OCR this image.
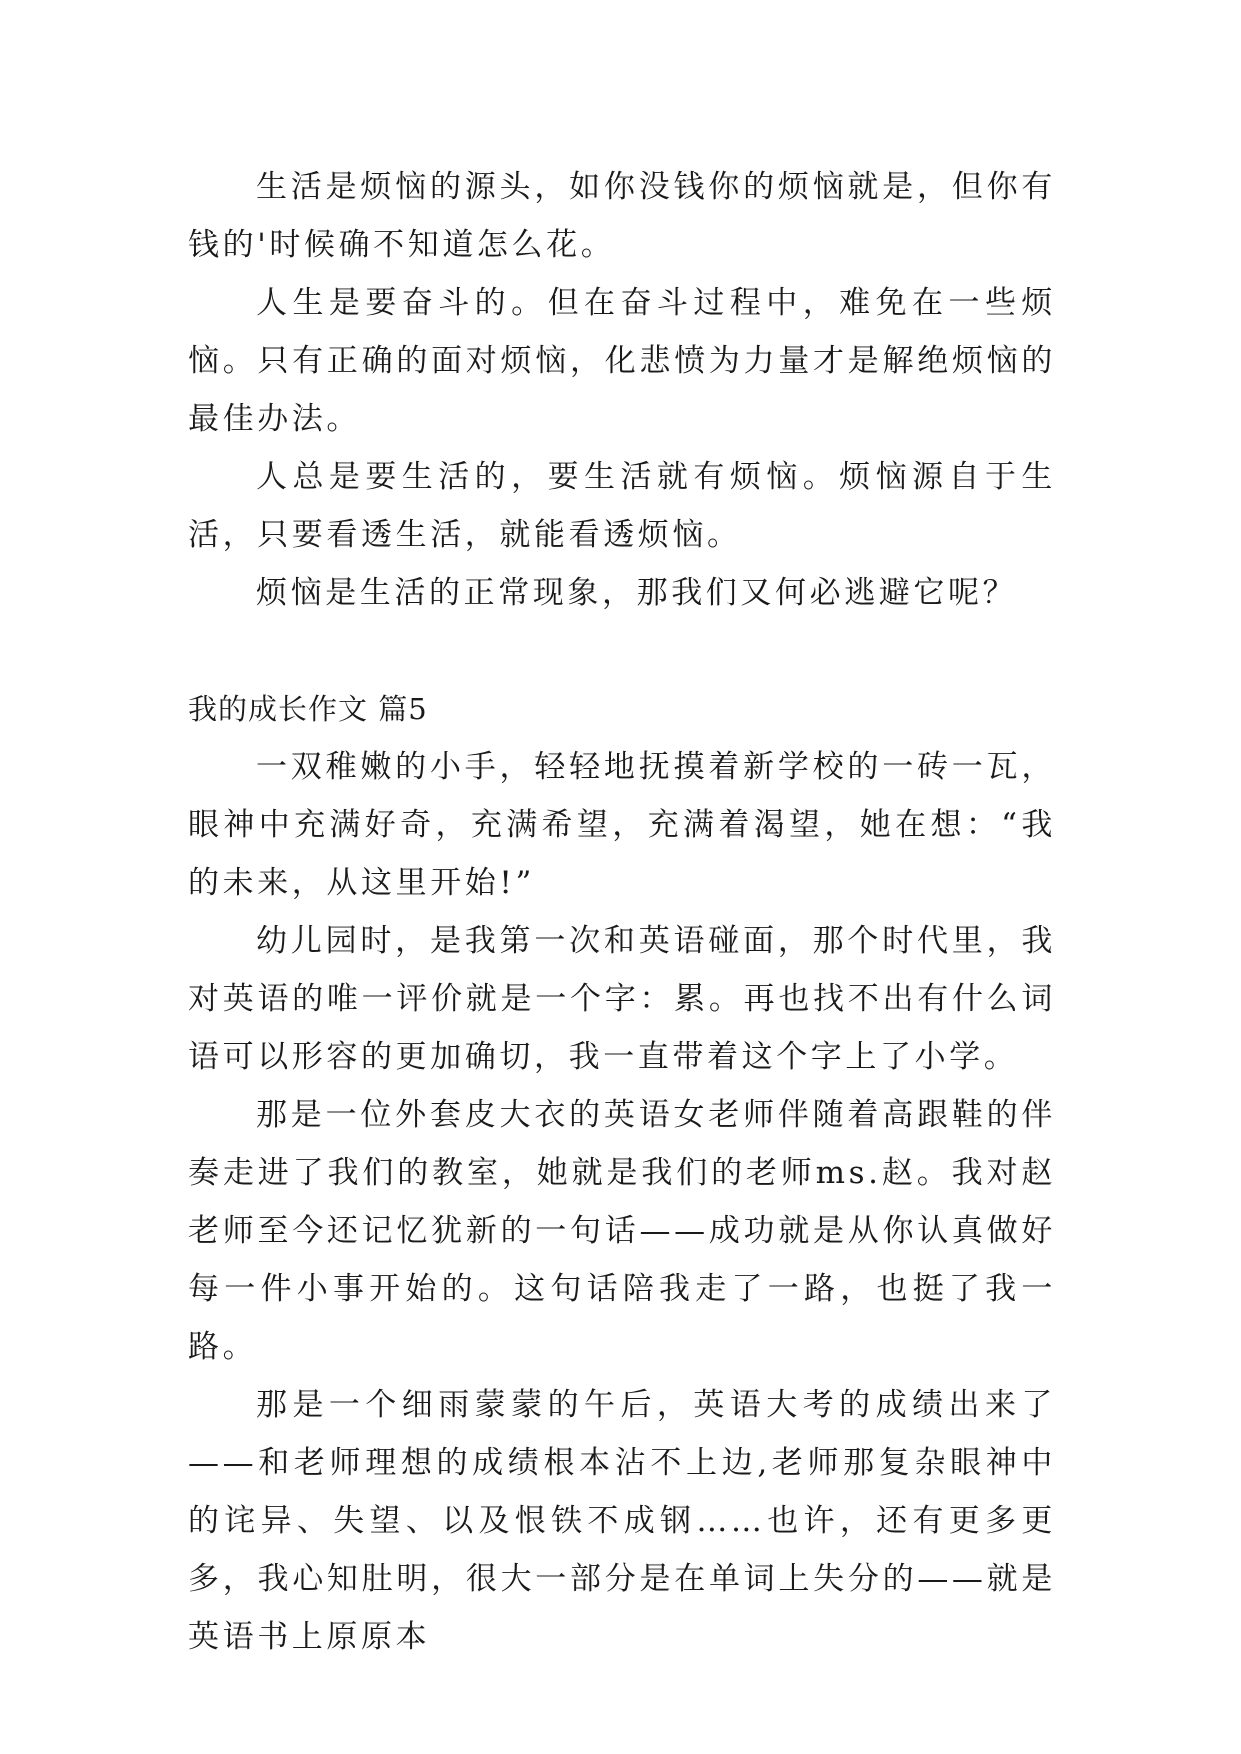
生活是烦恼的源头，如你没钱你的烦恼就是，但你有钱的'时候确不知道怎么花。

人生是要奋斗的。但在奋斗过程中，难免在一些烦恼。只有正确的面对烦恼，化悲愤为力量才是解绝烦恼的最佳办法。

人总是要生活的，要生活就有烦恼。烦恼源自于生活，只要看透生活，就能看透烦恼。

烦恼是生活的正常现象，那我们又何必逃避它呢？

我的成长作文 篇5

一双稚嫩的小手，轻轻地抚摸着新学校的一砖一瓦，眼神中充满好奇，充满希望，充满着渴望，她在想：“我的未来，从这里开始!”

幼儿园时，是我第一次和英语碰面，那个时代里，我对英语的唯一评价就是一个字：累。再也找不出有什么词语可以形容的更加确切，我一直带着这个字上了小学。

那是一位外套皮大衣的英语女老师伴随着高跟鞋的伴奏走进了我们的教室，她就是我们的老师ms.赵。我对赵老师至今还记忆犹新的一句话——成功就是从你认真做好每一件小事开始的。这句话陪我走了一路，也挺了我一路。

那是一个细雨蒙蒙的午后，英语大考的成绩出来了——和老师理想的成绩根本沾不上边,老师那复杂眼神中的诧异、失望、以及恨铁不成钢……也许，还有更多更多，我心知肚明，很大一部分是在单词上失分的——就是英语书上原原本
